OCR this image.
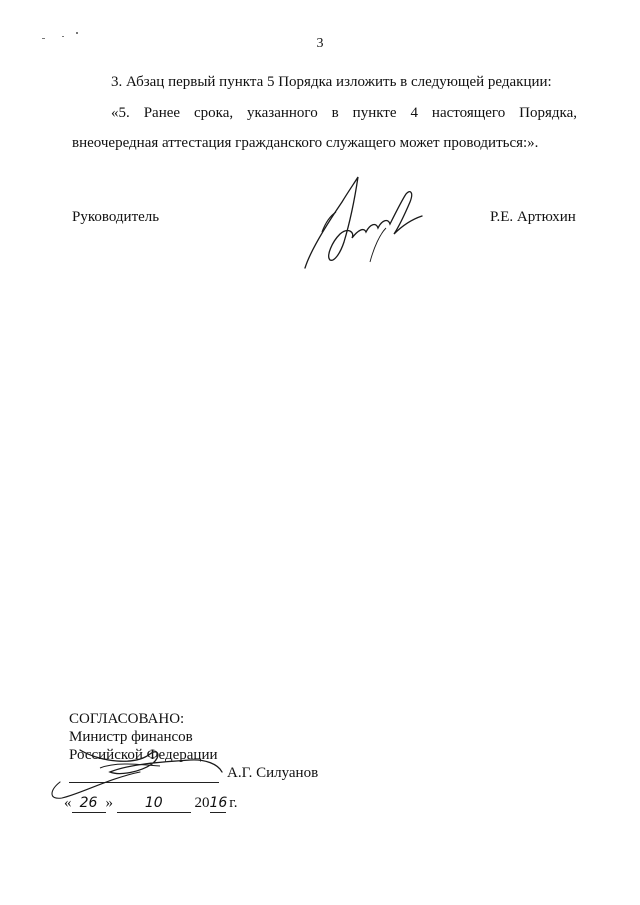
3
3. Абзац первый пункта 5 Порядка изложить в следующей редакции:
«5. Ранее срока, указанного в пункте 4 настоящего Порядка,
внеочередная аттестация гражданского служащего может проводиться:».
Руководитель	Р.Е. Артюхин
СОГЛАСОВАНО:
Министр финансов
Российской Федерации
А.Г. Силуанов
« 26 » 10 2016 г.
